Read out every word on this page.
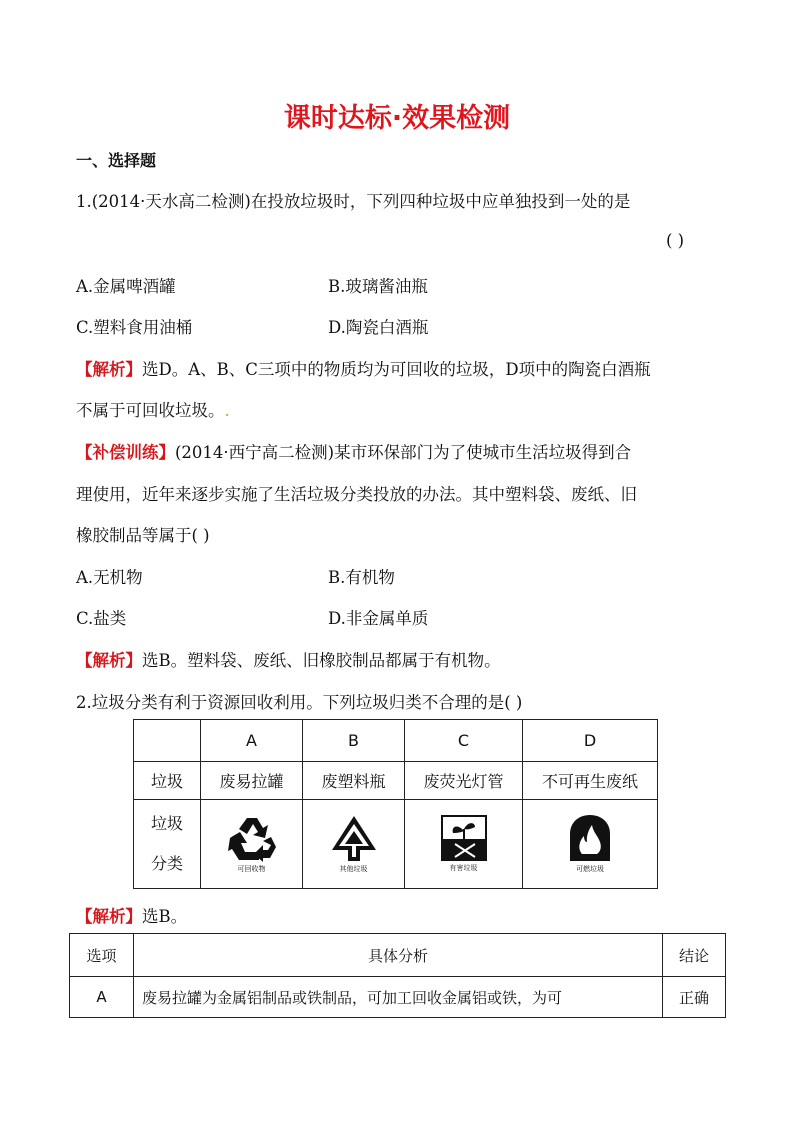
课时达标·效果检测
一、选择题
1.(2014·天水高二检测)在投放垃圾时，下列四种垃圾中应单独投到一处的是
( )
A.金属啤酒罐	B.玻璃酱油瓶
C.塑料食用油桶	D.陶瓷白酒瓶
【解析】选D。A、B、C三项中的物质均为可回收的垃圾，D项中的陶瓷白酒瓶
不属于可回收垃圾。.
【补偿训练】(2014·西宁高二检测)某市环保部门为了使城市生活垃圾得到合
理使用，近年来逐步实施了生活垃圾分类投放的办法。其中塑料袋、废纸、旧
橡胶制品等属于( )
A.无机物	B.有机物
C.盐类	D.非金属单质
【解析】选B。塑料袋、废纸、旧橡胶制品都属于有机物。
2.垃圾分类有利于资源回收利用。下列垃圾归类不合理的是( )
	A	B	C	D
垃圾	废易拉罐	废塑料瓶	废荧光灯管	不可再生废纸

垃圾
分类	可回收物	其他垃圾	有害垃圾	可燃垃圾
【解析】选B。
选项	具体分析	结论
A	废易拉罐为金属铝制品或铁制品，可加工回收金属铝或铁，为可	正确
